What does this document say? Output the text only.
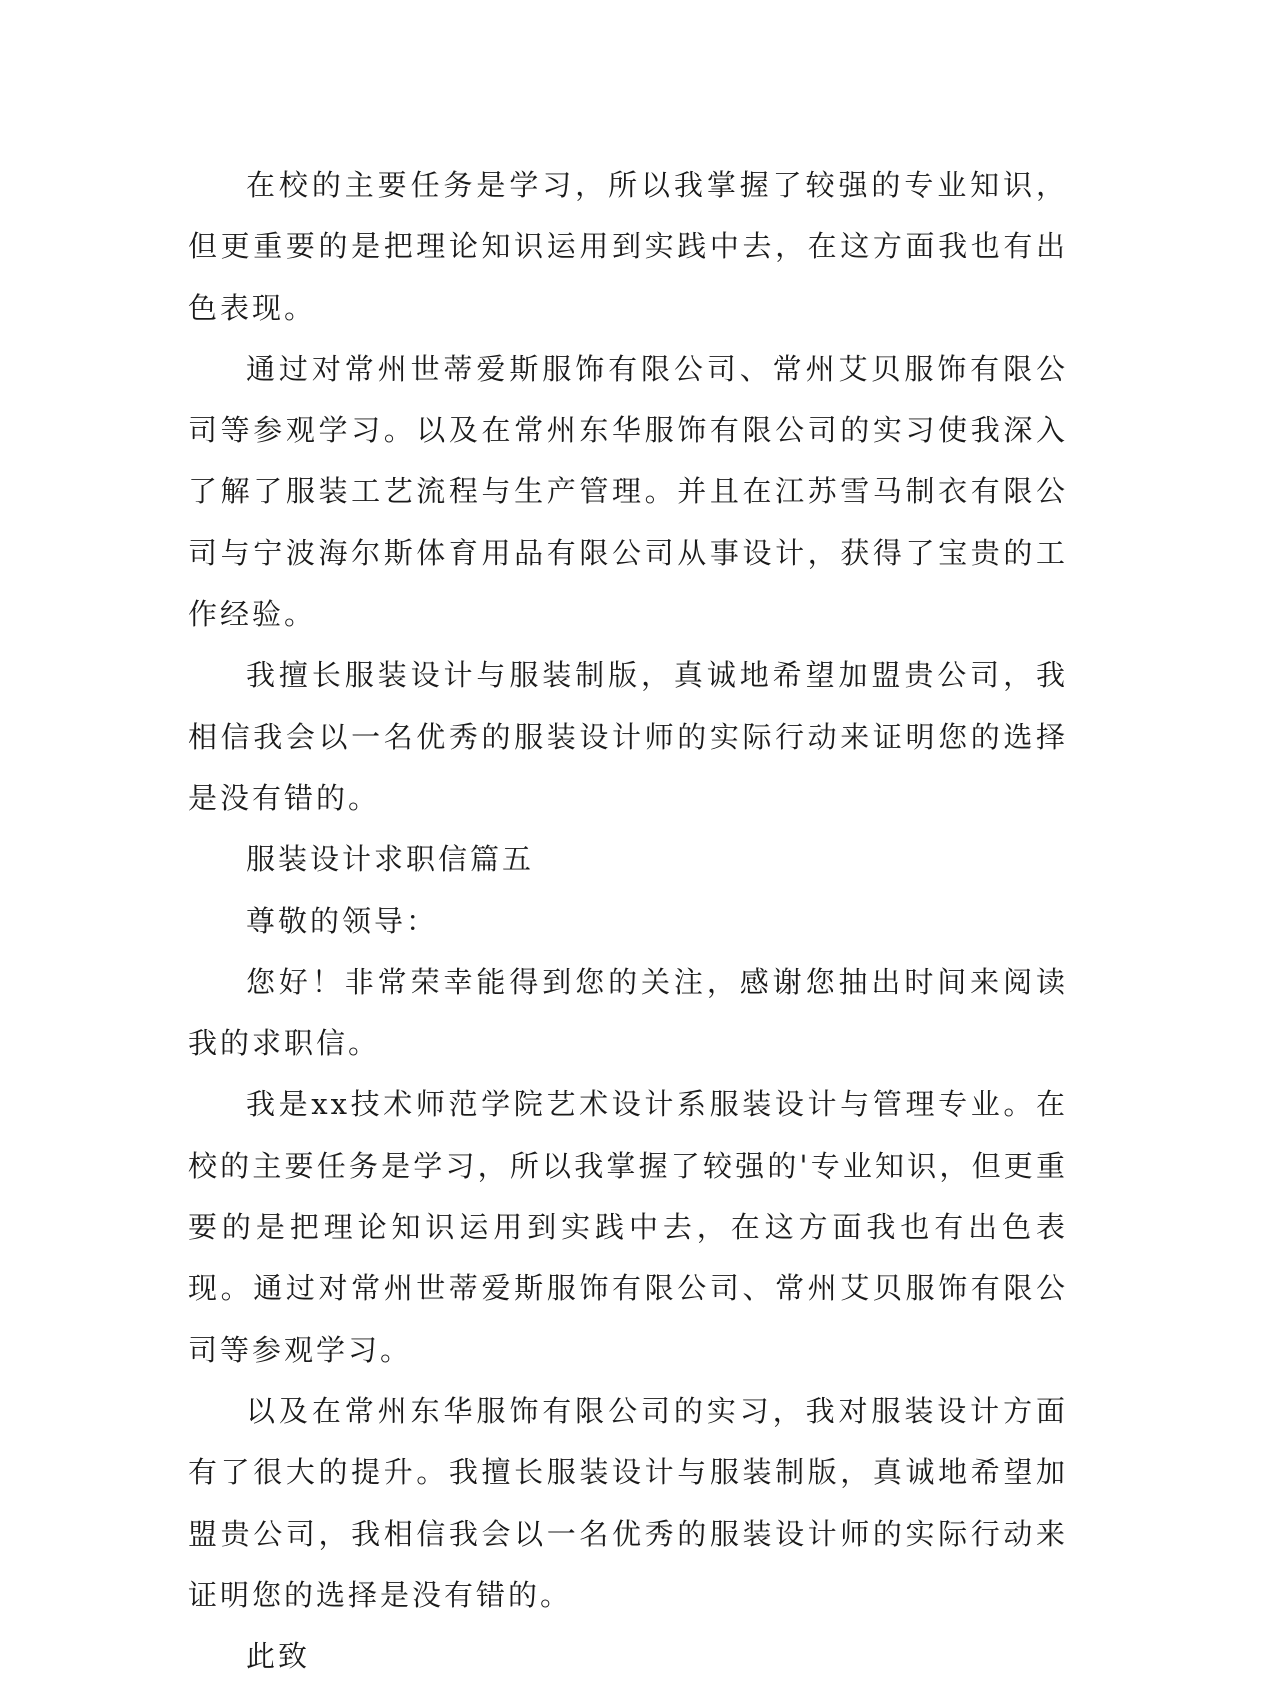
在校的主要任务是学习，所以我掌握了较强的专业知识，但更重要的是把理论知识运用到实践中去，在这方面我也有出色表现。

通过对常州世蒂爱斯服饰有限公司、常州艾贝服饰有限公司等参观学习。以及在常州东华服饰有限公司的实习使我深入了解了服装工艺流程与生产管理。并且在江苏雪马制衣有限公司与宁波海尔斯体育用品有限公司从事设计，获得了宝贵的工作经验。

我擅长服装设计与服装制版，真诚地希望加盟贵公司，我相信我会以一名优秀的服装设计师的实际行动来证明您的选择是没有错的。

服装设计求职信篇五

尊敬的领导：

您好！非常荣幸能得到您的关注，感谢您抽出时间来阅读我的求职信。

我是xx技术师范学院艺术设计系服装设计与管理专业。在校的主要任务是学习，所以我掌握了较强的'专业知识，但更重要的是把理论知识运用到实践中去，在这方面我也有出色表现。通过对常州世蒂爱斯服饰有限公司、常州艾贝服饰有限公司等参观学习。

以及在常州东华服饰有限公司的实习，我对服装设计方面有了很大的提升。我擅长服装设计与服装制版，真诚地希望加盟贵公司，我相信我会以一名优秀的服装设计师的实际行动来证明您的选择是没有错的。

此致
